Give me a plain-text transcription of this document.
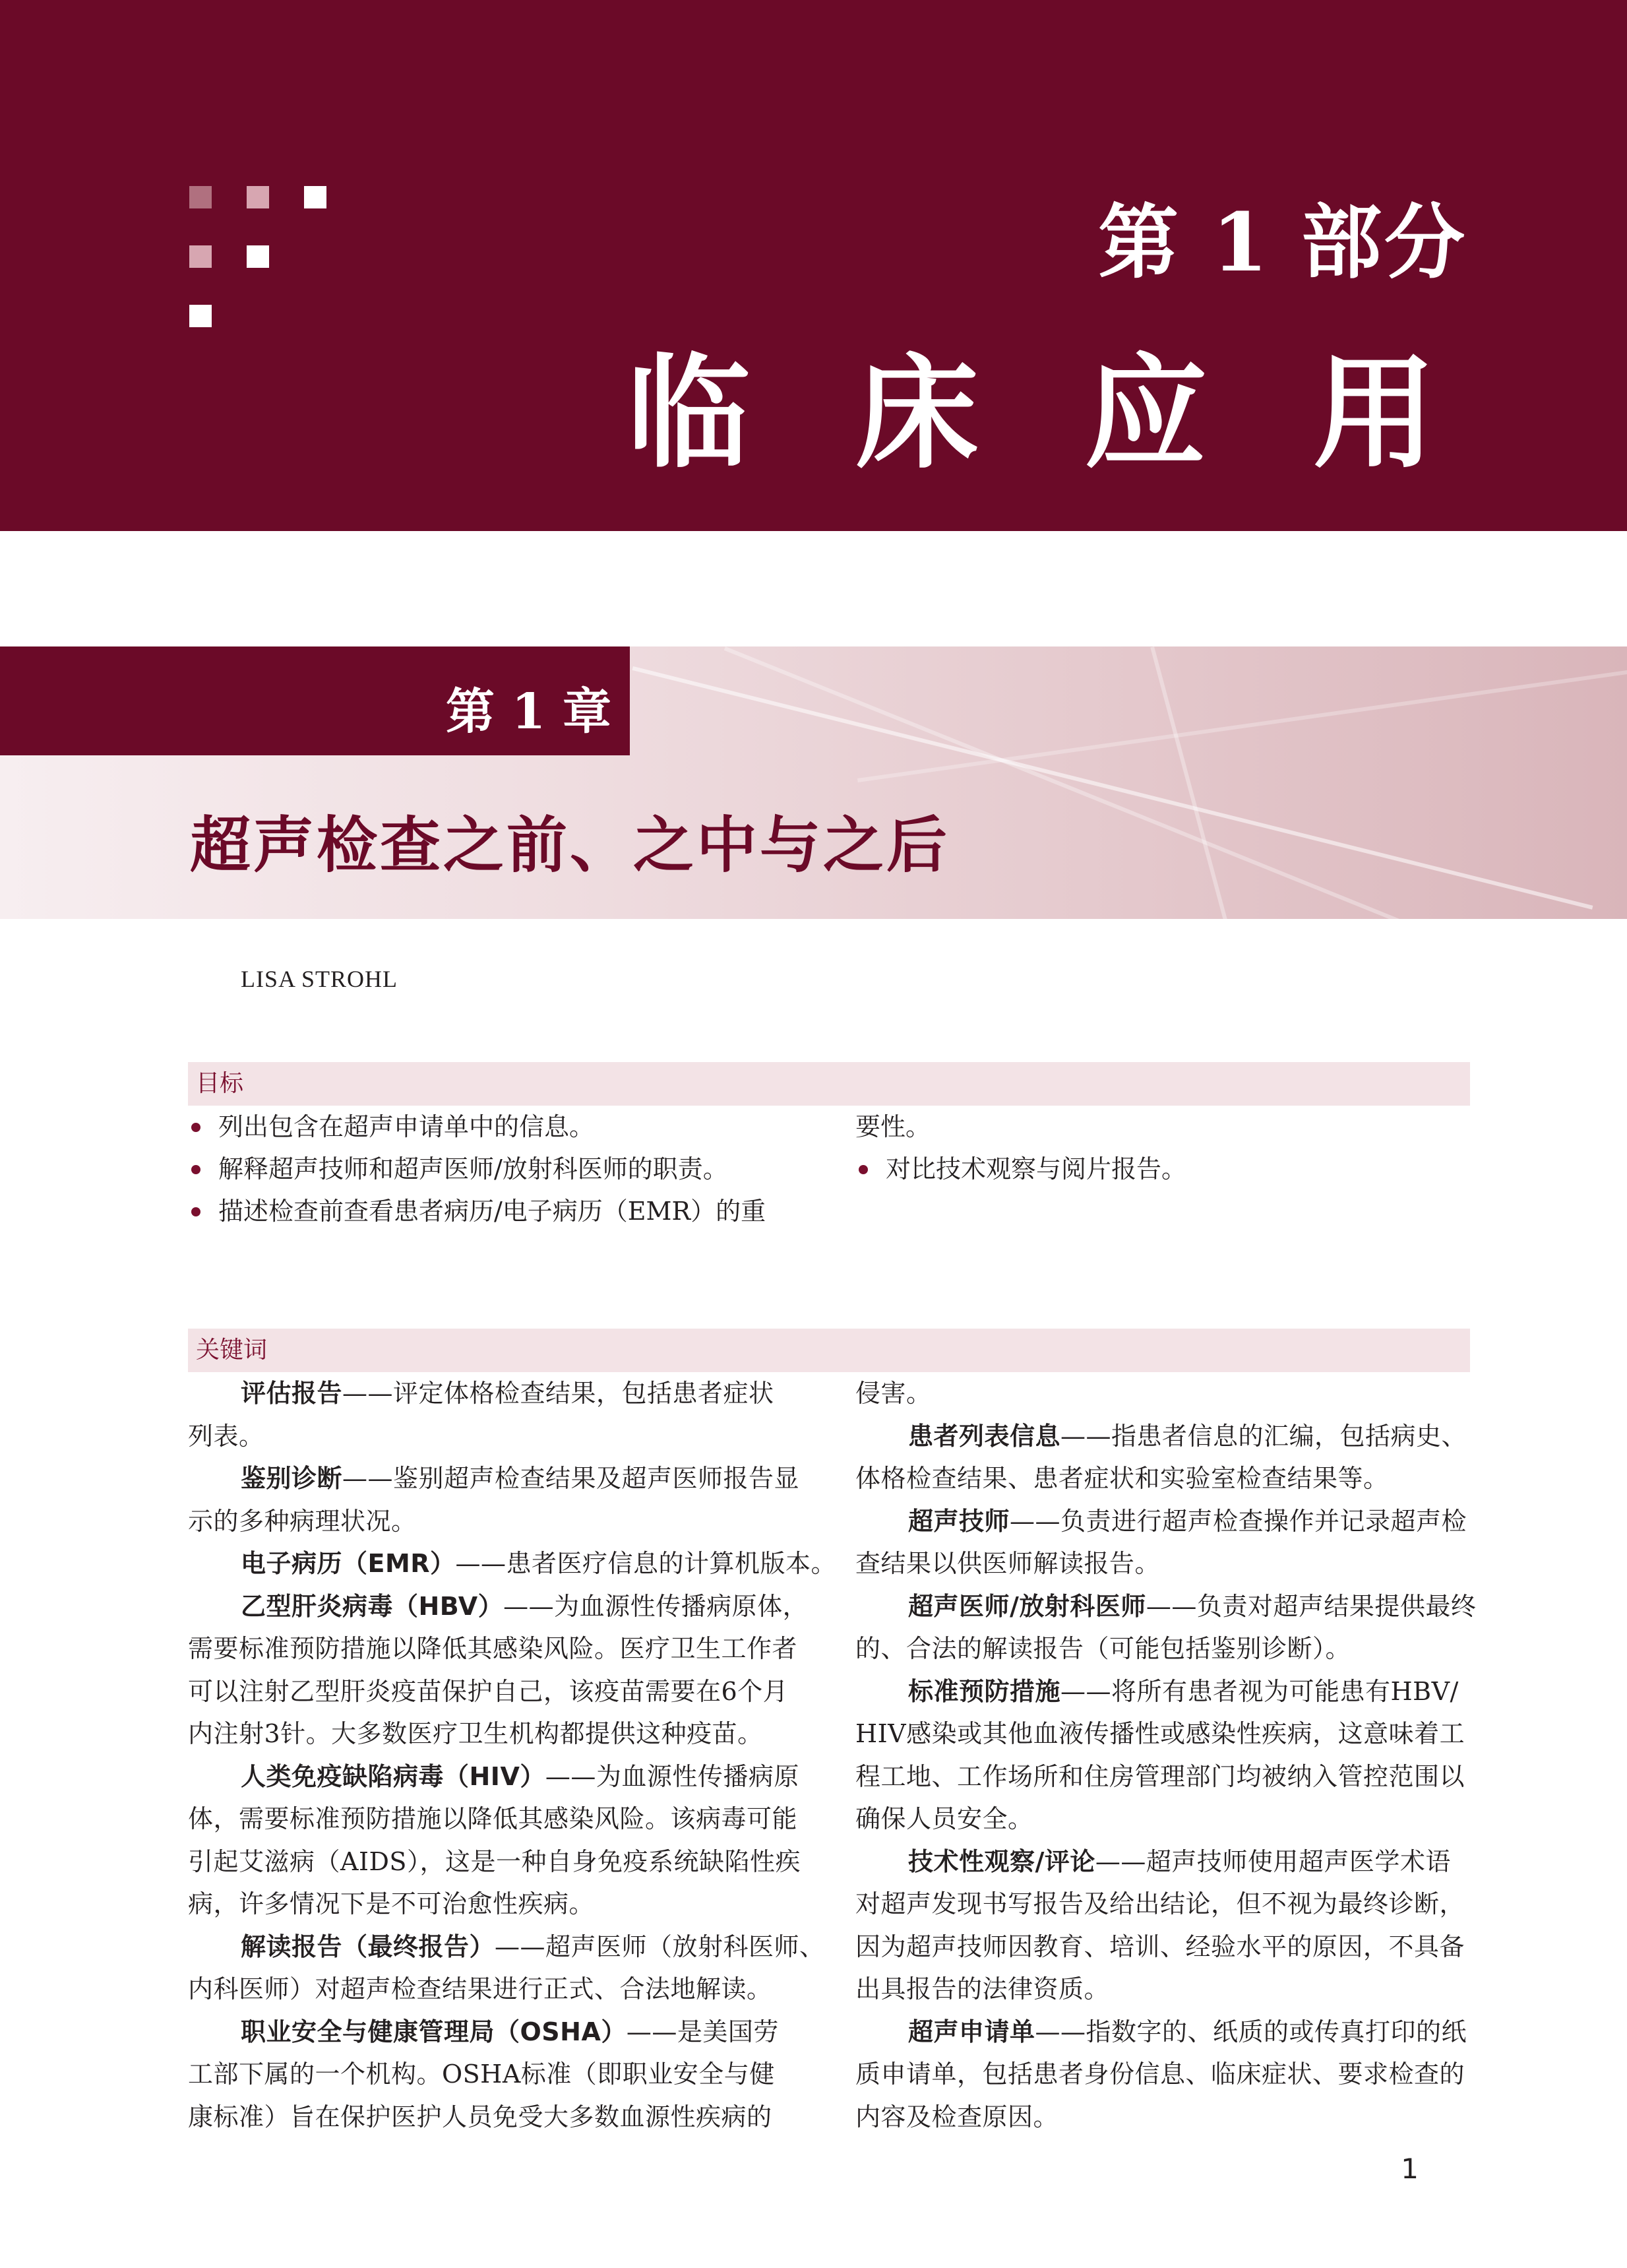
第 1 部分
临 床 应 用
第 1 章
超声检查之前、之中与之后
LISA STROHL
目标
列出包含在超声申请单中的信息。
解释超声技师和超声医师/放射科医师的职责。
描述检查前查看患者病历/电子病历（EMR）的重
要性。
对比技术观察与阅片报告。
关键词
评估报告——评定体格检查结果，包括患者症状
列表。
鉴别诊断——鉴别超声检查结果及超声医师报告显
示的多种病理状况。
电子病历（EMR）——患者医疗信息的计算机版本。
乙型肝炎病毒（HBV）——为血源性传播病原体，
需要标准预防措施以降低其感染风险。医疗卫生工作者
可以注射乙型肝炎疫苗保护自己，该疫苗需要在6个月
内注射3针。大多数医疗卫生机构都提供这种疫苗。
人类免疫缺陷病毒（HIV）——为血源性传播病原
体，需要标准预防措施以降低其感染风险。该病毒可能
引起艾滋病（AIDS），这是一种自身免疫系统缺陷性疾
病，许多情况下是不可治愈性疾病。
解读报告（最终报告）——超声医师（放射科医师、
内科医师）对超声检查结果进行正式、合法地解读。
职业安全与健康管理局（OSHA）——是美国劳
工部下属的一个机构。OSHA标准（即职业安全与健
康标准）旨在保护医护人员免受大多数血源性疾病的
侵害。
患者列表信息——指患者信息的汇编，包括病史、
体格检查结果、患者症状和实验室检查结果等。
超声技师——负责进行超声检查操作并记录超声检
查结果以供医师解读报告。
超声医师/放射科医师——负责对超声结果提供最终
的、合法的解读报告（可能包括鉴别诊断）。
标准预防措施——将所有患者视为可能患有HBV/
HIV感染或其他血液传播性或感染性疾病，这意味着工
程工地、工作场所和住房管理部门均被纳入管控范围以
确保人员安全。
技术性观察/评论——超声技师使用超声医学术语
对超声发现书写报告及给出结论，但不视为最终诊断，
因为超声技师因教育、培训、经验水平的原因，不具备
出具报告的法律资质。
超声申请单——指数字的、纸质的或传真打印的纸
质申请单，包括患者身份信息、临床症状、要求检查的
内容及检查原因。
1
